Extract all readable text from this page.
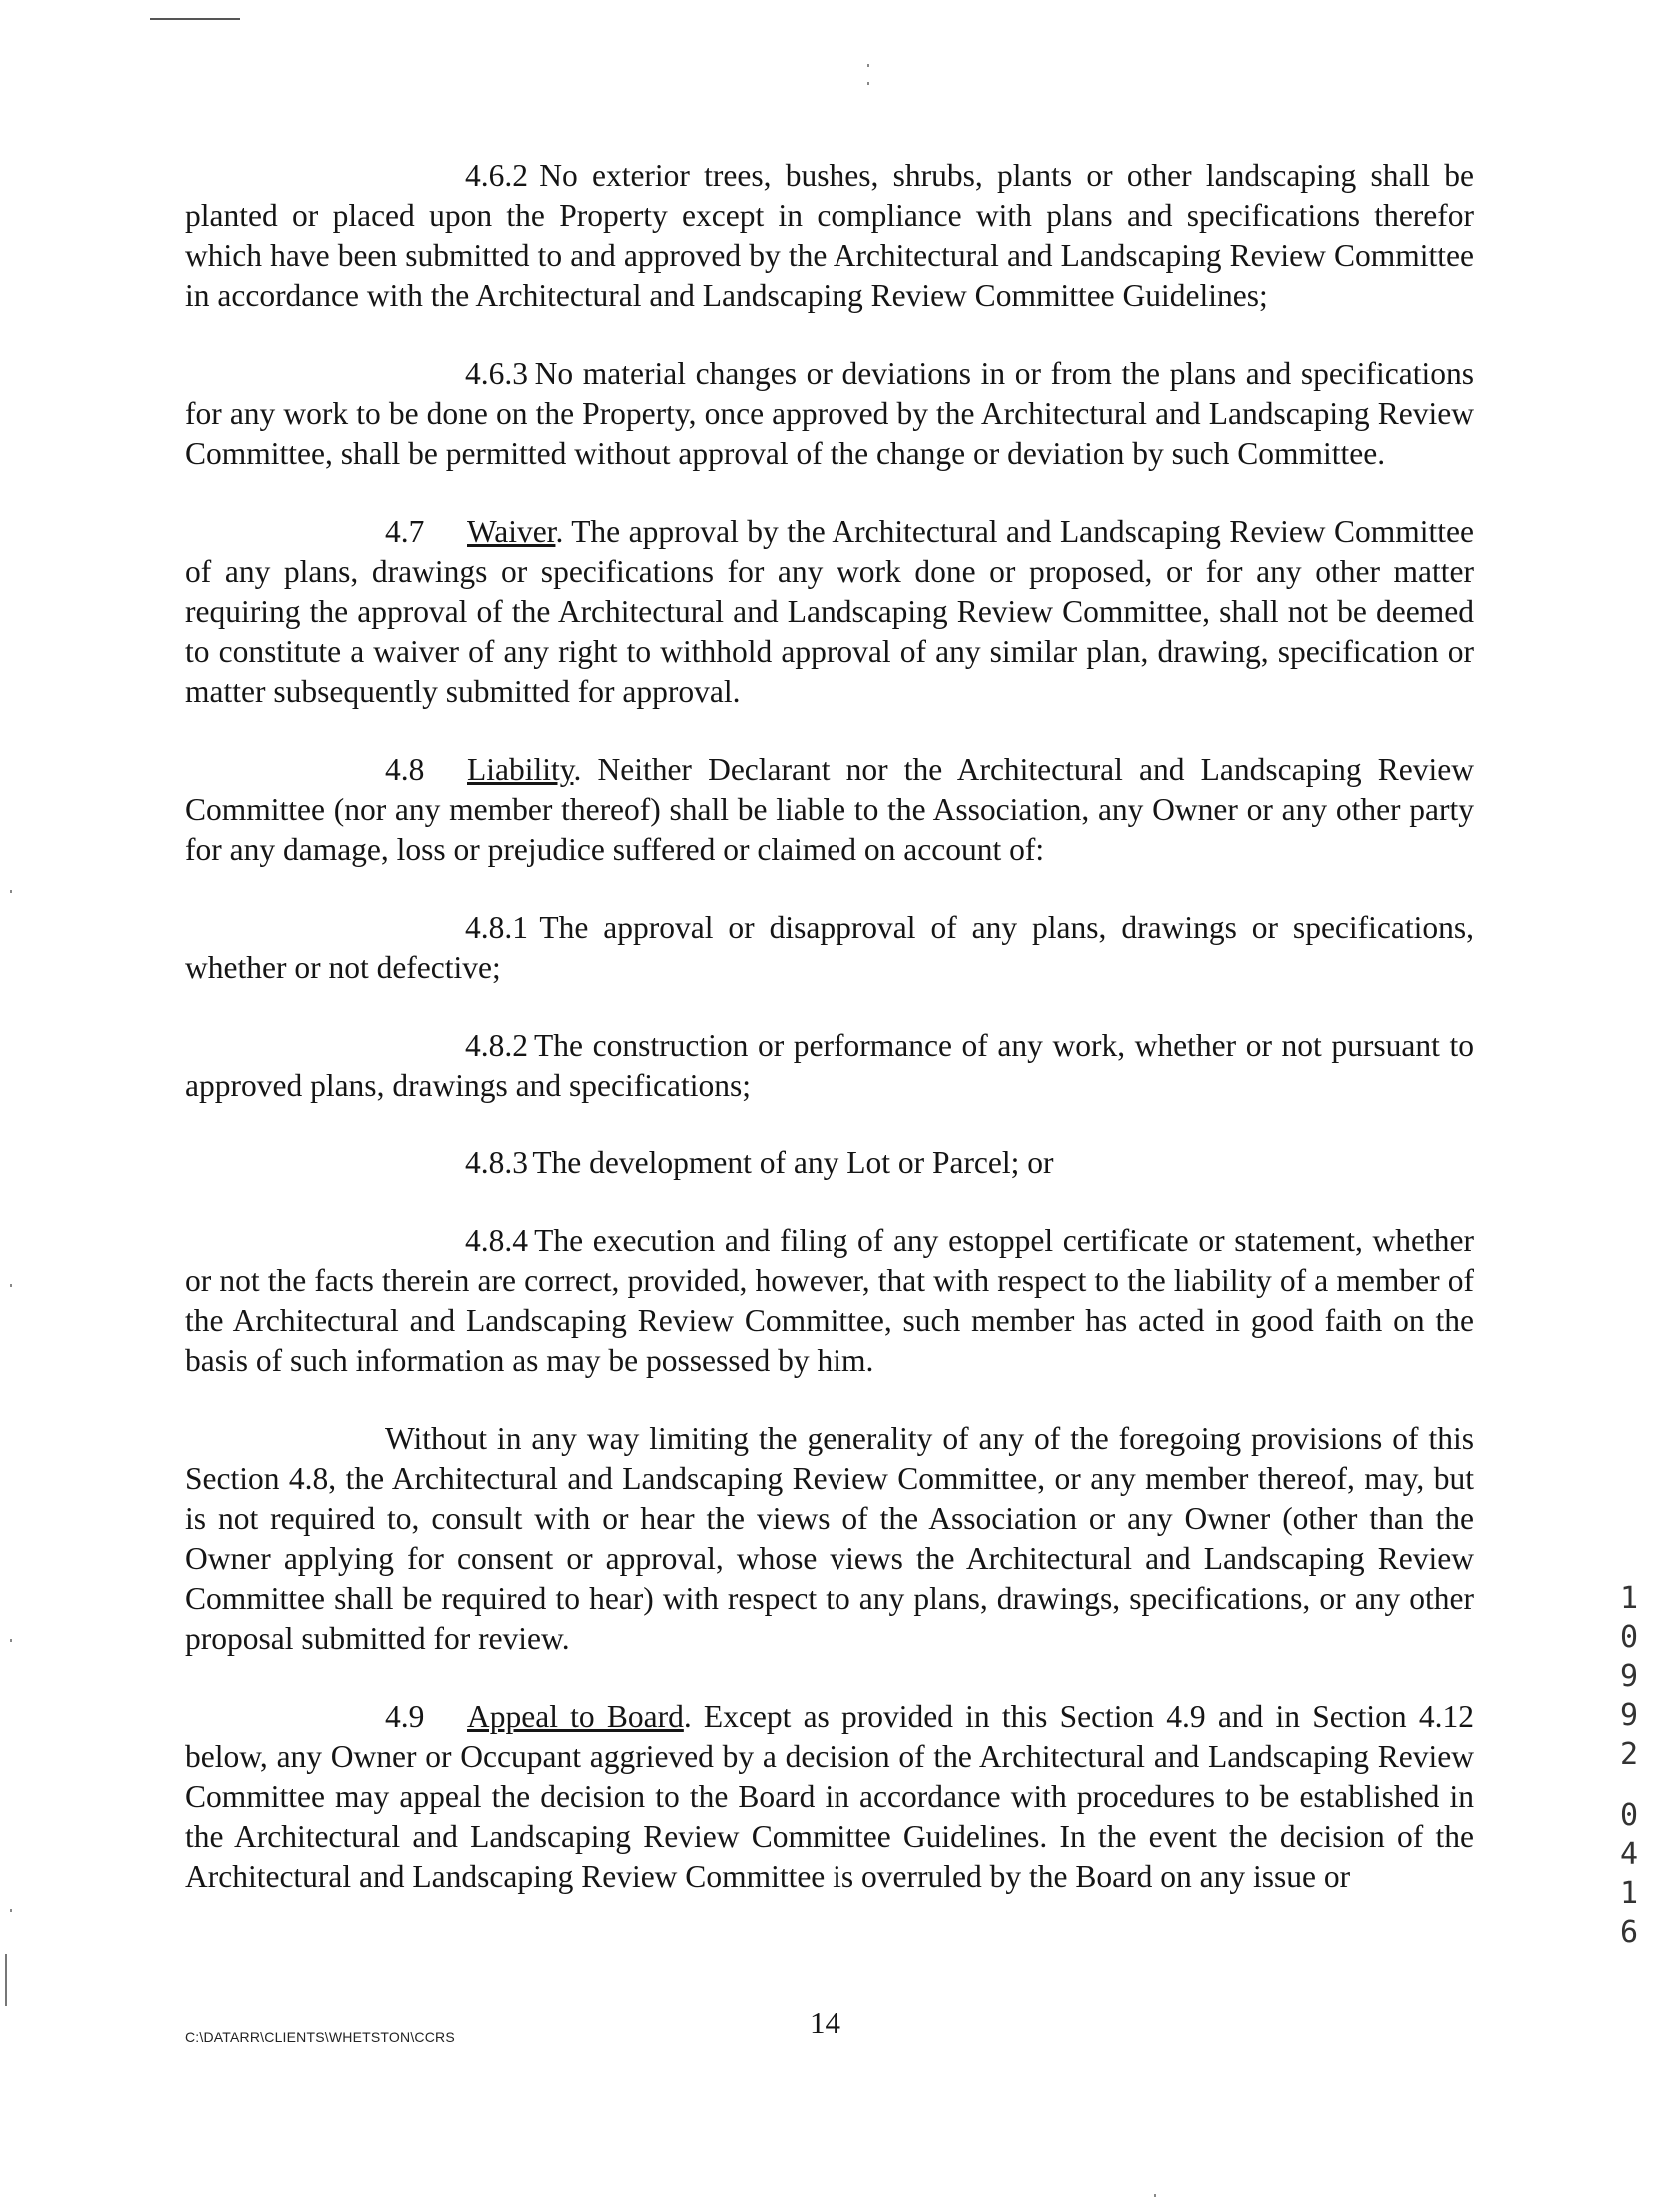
4.6.2 No exterior trees, bushes, shrubs, plants or other landscaping shall be planted or placed upon the Property except in compliance with plans and specifications therefor which have been submitted to and approved by the Architectural and Landscaping Review Committee in accordance with the Architectural and Landscaping Review Committee Guidelines;

4.6.3 No material changes or deviations in or from the plans and specifications for any work to be done on the Property, once approved by the Architectural and Landscaping Review Committee, shall be permitted without approval of the change or deviation by such Committee.

4.7 Waiver. The approval by the Architectural and Landscaping Review Committee of any plans, drawings or specifications for any work done or proposed, or for any other matter requiring the approval of the Architectural and Landscaping Review Committee, shall not be deemed to constitute a waiver of any right to withhold approval of any similar plan, drawing, specification or matter subsequently submitted for approval.

4.8 Liability. Neither Declarant nor the Architectural and Landscaping Review Committee (nor any member thereof) shall be liable to the Association, any Owner or any other party for any damage, loss or prejudice suffered or claimed on account of:

4.8.1 The approval or disapproval of any plans, drawings or specifications, whether or not defective;

4.8.2 The construction or performance of any work, whether or not pursuant to approved plans, drawings and specifications;

4.8.3 The development of any Lot or Parcel; or

4.8.4 The execution and filing of any estoppel certificate or statement, whether or not the facts therein are correct, provided, however, that with respect to the liability of a member of the Architectural and Landscaping Review Committee, such member has acted in good faith on the basis of such information as may be possessed by him.

Without in any way limiting the generality of any of the foregoing provisions of this Section 4.8, the Architectural and Landscaping Review Committee, or any member thereof, may, but is not required to, consult with or hear the views of the Association or any Owner (other than the Owner applying for consent or approval, whose views the Architectural and Landscaping Review Committee shall be required to hear) with respect to any plans, drawings, specifications, or any other proposal submitted for review.

4.9 Appeal to Board. Except as provided in this Section 4.9 and in Section 4.12 below, any Owner or Occupant aggrieved by a decision of the Architectural and Landscaping Review Committee may appeal the decision to the Board in accordance with procedures to be established in the Architectural and Landscaping Review Committee Guidelines. In the event the decision of the Architectural and Landscaping Review Committee is overruled by the Board on any issue or

C:\DATARR\CLIENTS\WHETSTON\CCRS	14
1
0
9
9
2
0
4
1
6
